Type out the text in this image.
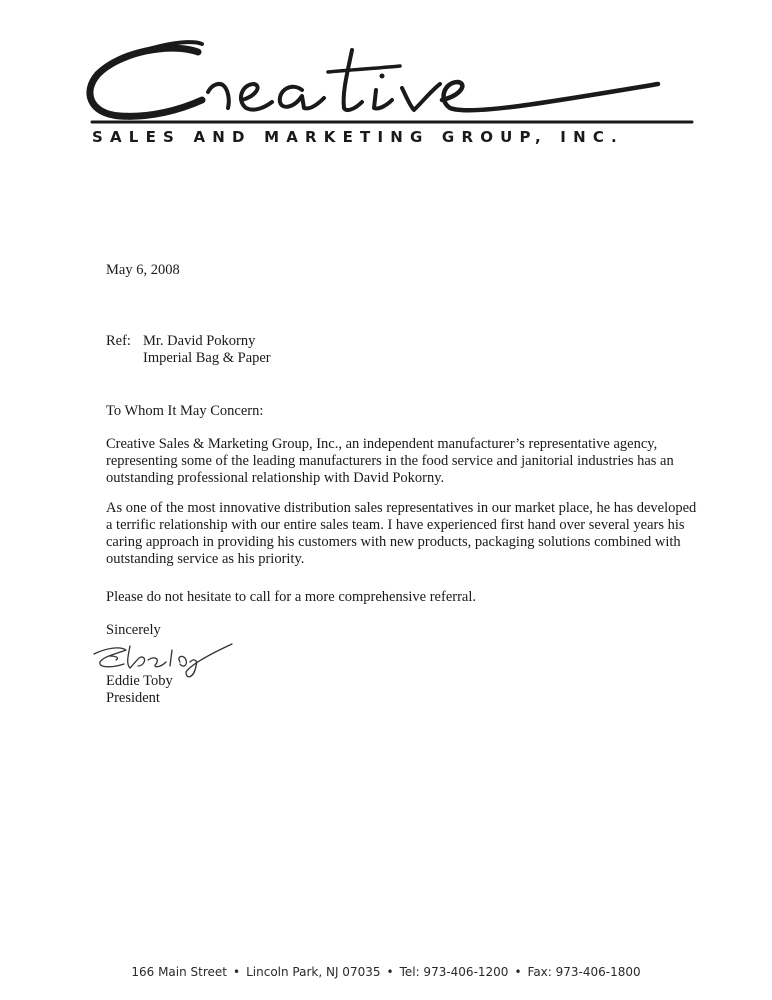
SALES AND MARKETING GROUP, INC.
May 6, 2008
Ref: Mr. David Pokorny
Imperial Bag & Paper
To Whom It May Concern:
Creative Sales & Marketing Group, Inc., an independent manufacturer’s representative agency, representing some of the leading manufacturers in the food service and janitorial industries has an outstanding professional relationship with David Pokorny.
As one of the most innovative distribution sales representatives in our market place, he has developed a terrific relationship with our entire sales team. I have experienced first hand over several years his caring approach in providing his customers with new products, packaging solutions combined with outstanding service as his priority.
Please do not hesitate to call for a more comprehensive referral.
Sincerely
Eddie Toby
President
166 Main Street • Lincoln Park, NJ 07035 • Tel: 973-406-1200 • Fax: 973-406-1800
